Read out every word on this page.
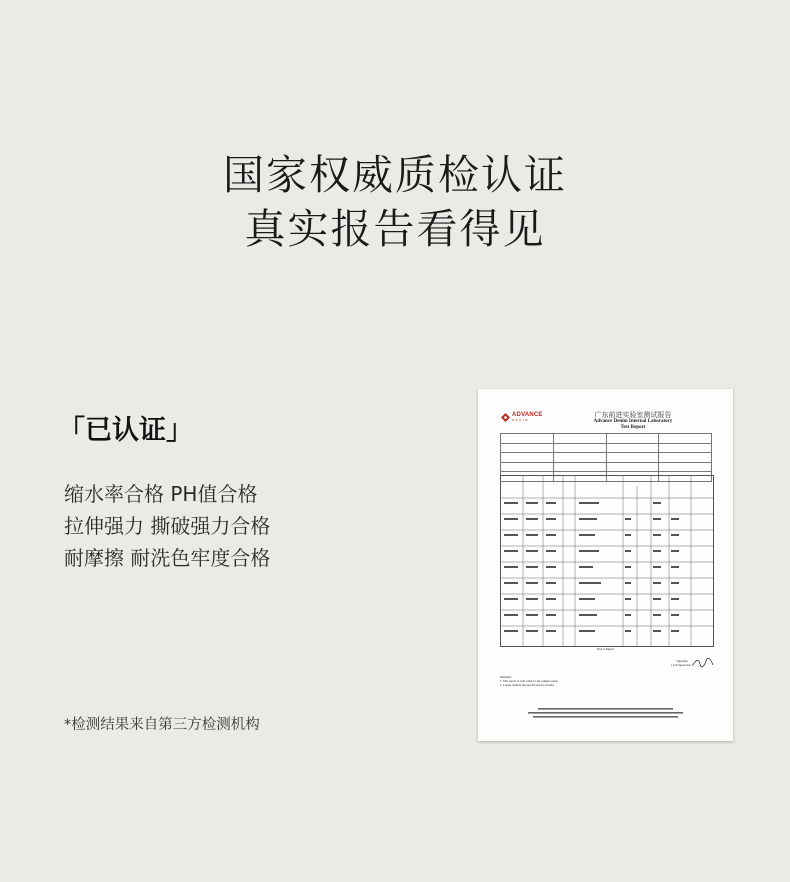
国家权威质检认证
真实报告看得见
「已认证」
缩水率合格 PH值合格
拉伸强力 撕破强力合格
耐摩擦 耐洗色牢度合格
*检测结果来自第三方检测机构
ADVANCE
DENIM
广东前进实验室测试报告
Advance Denim Internal Laboratory
Test Report

End of Report
Signature
( Lab Supervisor )
Remarks :
1. This report is only valid for the sample tested.
2. Copies without the special seal are invalid.
